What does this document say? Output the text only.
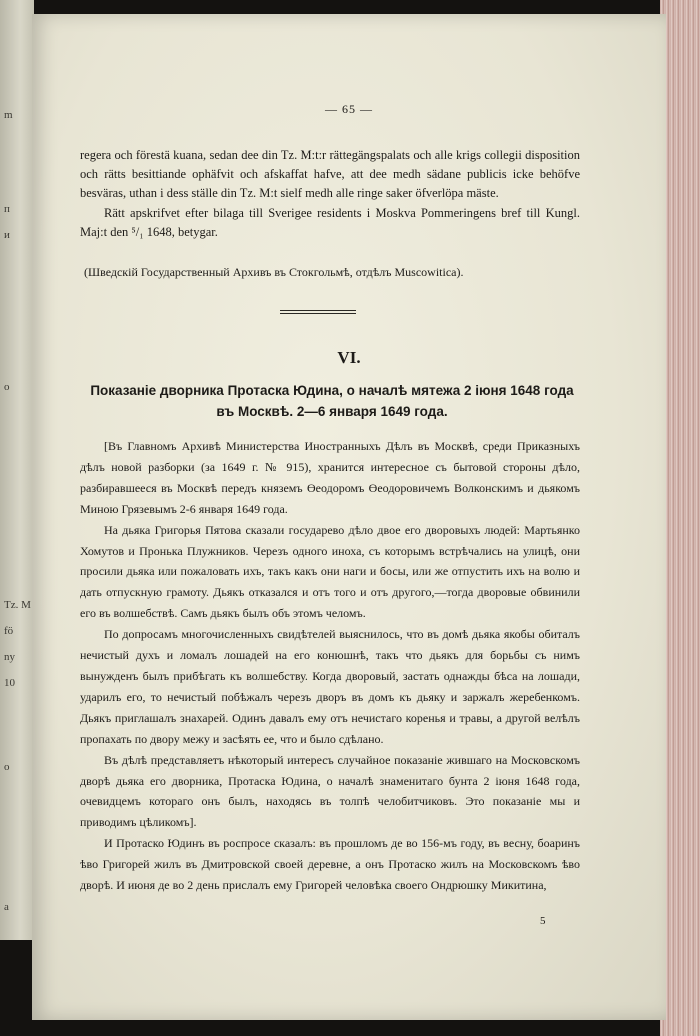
m
п
и
о
Tz. M
fö
ny
10
o
a
— 65 —

regera och förestä kuana, sedan dee din Tz. M:t:r rättegängspalats och alle krigs collegii disposition och rätts besittiande ophäfvit och afskaffat hafve, att dee medh sädane publicis icke behöfve besväras, uthan i dess ställe din Tz. M:t sielf medh alle ringe saker öfverlöpa mäste.

Rätt apskrifvet efter bilaga till Sverigee residents i Moskva Pommeringens bref till Kungl. Maj:t den ⁵/₁ 1648, betygar.

(Шведскій Государственный Архивъ въ Стокгольмѣ, отдѣлъ Muscowitica).
VI.
Показаніе дворника Протаска Юдина, о началѣ мятежа 2 іюня 1648 года
въ Москвѣ. 2—6 января 1649 года.

[Въ Главномъ Архивѣ Министерства Иностранныхъ Дѣлъ въ Москвѣ, среди Приказныхъ дѣлъ новой разборки (за 1649 г. № 915), хранится интересное съ бытовой стороны дѣло, разбиравшееся въ Москвѣ передъ княземъ Өеодоромъ Өеодоровичемъ Волконскимъ и дьякомъ Миною Грязевымъ 2-6 января 1649 года.

На дьяка Григорья Пятова сказали государево дѣло двое его дворовыхъ людей: Мартьянко Хомутов и Пронька Плужников. Черезъ одного иноха, съ которымъ встрѣчались на улицѣ, они просили дьяка или пожаловать ихъ, такъ какъ они наги и босы, или же отпустить ихъ на волю и дать отпускную грамоту. Дьякъ отказался и отъ того и отъ другого,—тогда дворовые обвинили его въ волшебствѣ. Самъ дьякъ былъ объ этомъ челомъ.

По допросамъ многочисленныхъ свидѣтелей выяснилось, что въ домѣ дьяка якобы обиталъ нечистый духъ и ломалъ лошадей на его конюшнѣ, такъ что дьякъ для борьбы съ нимъ вынужденъ былъ прибѣгать къ волшебству. Когда дворовый, застать однажды бѣса на лошади, ударилъ его, то нечистый побѣжалъ черезъ дворъ въ домъ къ дьяку и заржалъ жеребенкомъ. Дьякъ приглашалъ знахарей. Одинъ давалъ ему отъ нечистаго коренья и травы, а другой велѣлъ пропахать по двору межу и засѣять ее, что и было сдѣлано.

Въ дѣлѣ представляетъ нѣкоторый интересъ случайное показаніе жившаго на Московскомъ дворѣ дьяка его дворника, Протаска Юдина, о началѣ знаменитаго бунта 2 іюня 1648 года, очевидцемъ котораго онъ былъ, находясь въ толпѣ челобитчиковъ. Это показаніе мы и приводимъ цѣликомъ].

И Протаско Юдинъ въ роспросе сказалъ: въ прошломъ де во 156-мъ году, въ весну, боаринъ ѣво Григорей жилъ въ Дмитровской своей деревне, а онъ Протаско жилъ на Московскомъ ѣво дворѣ. И июня де во 2 день прислалъ ему Григорей человѣка своего Ондрюшку Микитина,

5
